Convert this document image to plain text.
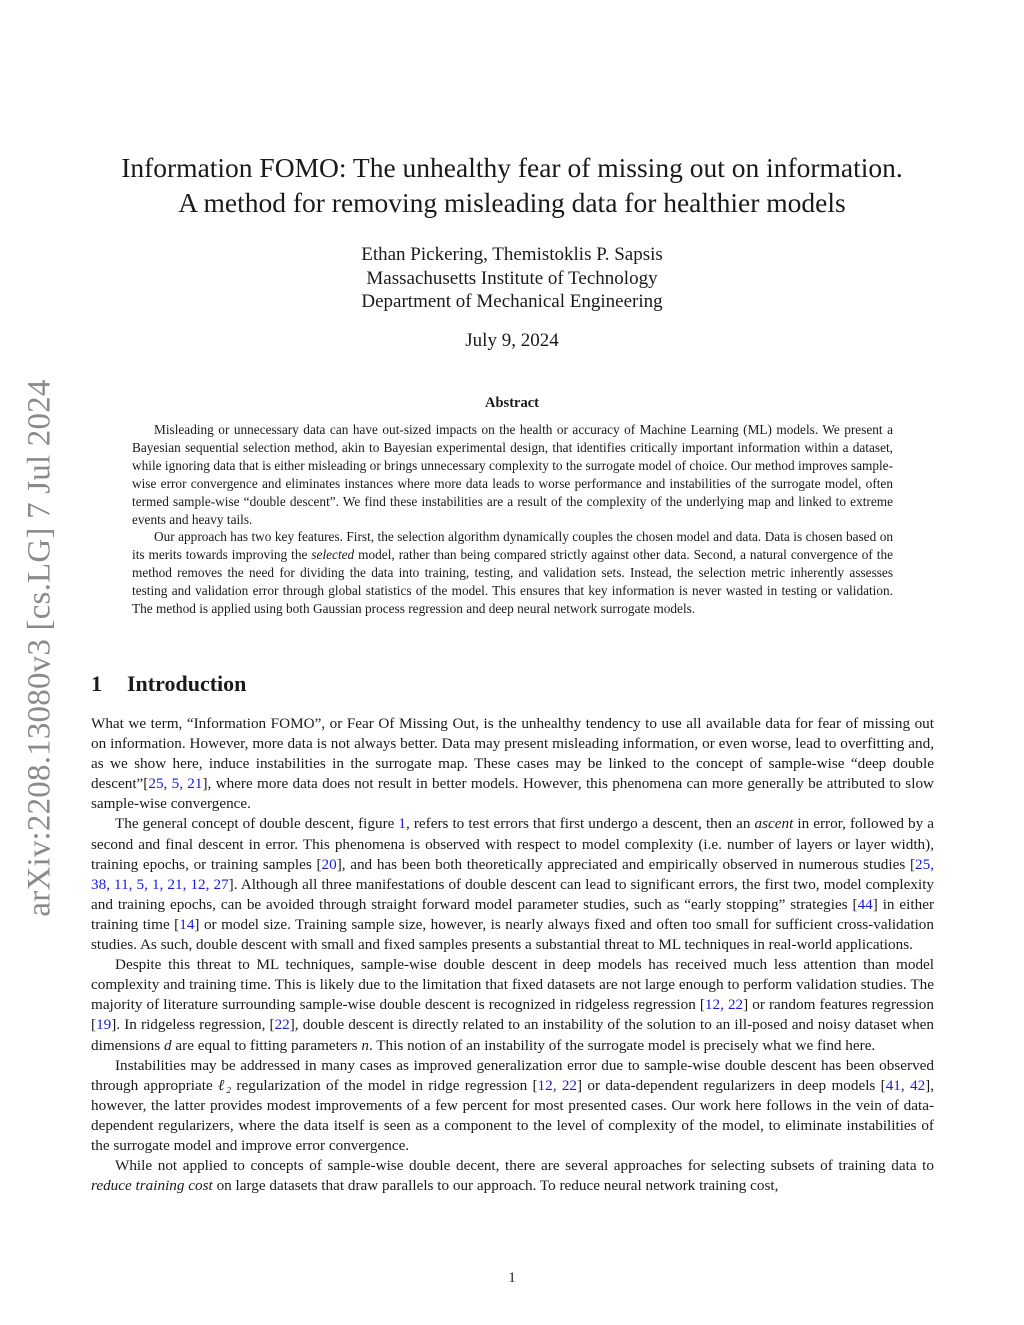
arXiv:2208.13080v3 [cs.LG] 7 Jul 2024
Information FOMO: The unhealthy fear of missing out on information.
A method for removing misleading data for healthier models
Ethan Pickering, Themistoklis P. Sapsis
Massachusetts Institute of Technology
Department of Mechanical Engineering
July 9, 2024
Abstract

Misleading or unnecessary data can have out-sized impacts on the health or accuracy of Machine Learning (ML) models. We present a Bayesian sequential selection method, akin to Bayesian experimental design, that identifies critically important information within a dataset, while ignoring data that is either misleading or brings unnecessary complexity to the surrogate model of choice. Our method improves sample-wise error convergence and eliminates instances where more data leads to worse performance and instabilities of the surrogate model, often termed sample-wise “double descent”. We find these instabilities are a result of the complexity of the underlying map and linked to extreme events and heavy tails.

Our approach has two key features. First, the selection algorithm dynamically couples the chosen model and data. Data is chosen based on its merits towards improving the selected model, rather than being compared strictly against other data. Second, a natural convergence of the method removes the need for dividing the data into training, testing, and validation sets. Instead, the selection metric inherently assesses testing and validation error through global statistics of the model. This ensures that key information is never wasted in testing or validation. The method is applied using both Gaussian process regression and deep neural network surrogate models.

1 Introduction

What we term, “Information FOMO”, or Fear Of Missing Out, is the unhealthy tendency to use all available data for fear of missing out on information. However, more data is not always better. Data may present misleading information, or even worse, lead to overfitting and, as we show here, induce instabilities in the surrogate map. These cases may be linked to the concept of sample-wise “deep double descent”[25, 5, 21], where more data does not result in better models. However, this phenomena can more generally be attributed to slow sample-wise convergence.

The general concept of double descent, figure 1, refers to test errors that first undergo a descent, then an ascent in error, followed by a second and final descent in error. This phenomena is observed with respect to model complexity (i.e. number of layers or layer width), training epochs, or training samples [20], and has been both theoretically appreciated and empirically observed in numerous studies [25, 38, 11, 5, 1, 21, 12, 27]. Although all three manifestations of double descent can lead to significant errors, the first two, model complexity and training epochs, can be avoided through straight forward model parameter studies, such as “early stopping” strategies [44] in either training time [14] or model size. Training sample size, however, is nearly always fixed and often too small for sufficient cross-validation studies. As such, double descent with small and fixed samples presents a substantial threat to ML techniques in real-world applications.

Despite this threat to ML techniques, sample-wise double descent in deep models has received much less attention than model complexity and training time. This is likely due to the limitation that fixed datasets are not large enough to perform validation studies. The majority of literature surrounding sample-wise double descent is recognized in ridgeless regression [12, 22] or random features regression [19]. In ridgeless regression, [22], double descent is directly related to an instability of the solution to an ill-posed and noisy dataset when dimensions d are equal to fitting parameters n. This notion of an instability of the surrogate model is precisely what we find here.

Instabilities may be addressed in many cases as improved generalization error due to sample-wise double descent has been observed through appropriate ℓ₂ regularization of the model in ridge regression [12, 22] or data-dependent regularizers in deep models [41, 42], however, the latter provides modest improvements of a few percent for most presented cases. Our work here follows in the vein of data-dependent regularizers, where the data itself is seen as a component to the level of complexity of the model, to eliminate instabilities of the surrogate model and improve error convergence.

While not applied to concepts of sample-wise double decent, there are several approaches for selecting subsets of training data to reduce training cost on large datasets that draw parallels to our approach. To reduce neural network training cost,

1
